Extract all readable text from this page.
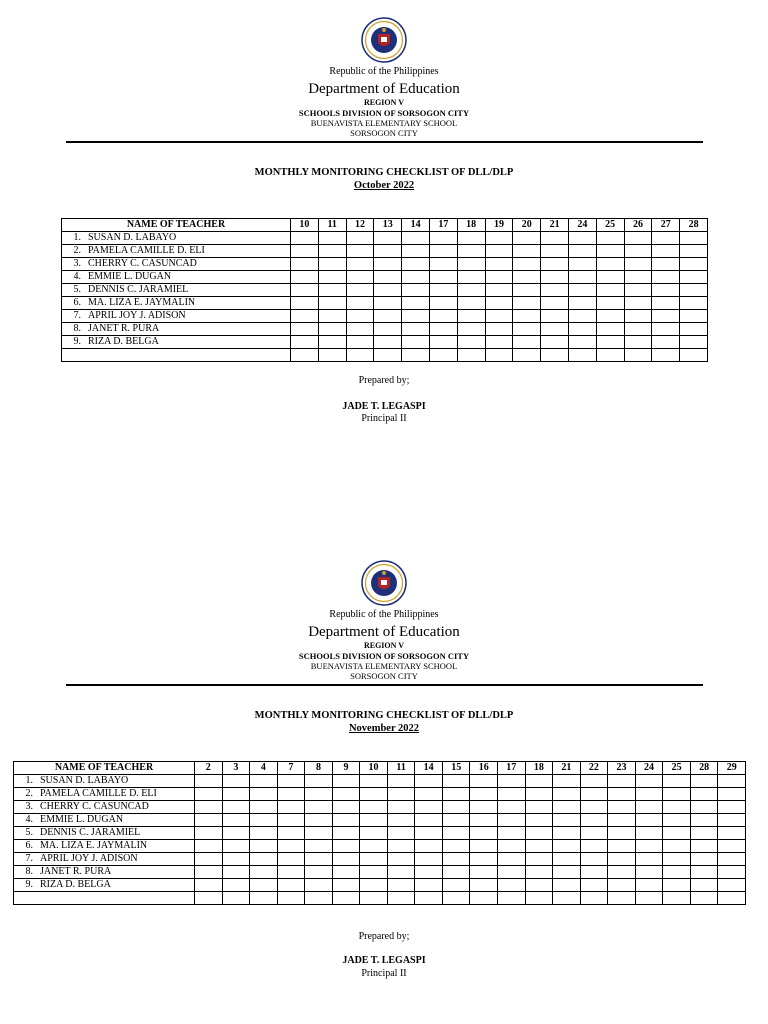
Republic of the Philippines
Department of Education
REGION V
SCHOOLS DIVISION OF SORSOGON CITY
BUENAVISTA ELEMENTARY SCHOOL
SORSOGON CITY
MONTHLY MONITORING CHECKLIST OF DLL/DLP
October 2022
NAME OF TEACHER	10	11	12	13	14	17	18	19	20	21	24	25	26	27	28
1. SUSAN D. LABAYO															
2. PAMELA CAMILLE D. ELI															
3. CHERRY C. CASUNCAD															
4. EMMIE L. DUGAN															
5. DENNIS C. JARAMIEL															
6. MA. LIZA E. JAYMALIN															
7. APRIL JOY J. ADISON															
8. JANET R. PURA															
9. RIZA D. BELGA															

Prepared by;
JADE T. LEGASPI
Principal II
Republic of the Philippines
Department of Education
REGION V
SCHOOLS DIVISION OF SORSOGON CITY
BUENAVISTA ELEMENTARY SCHOOL
SORSOGON CITY
MONTHLY MONITORING CHECKLIST OF DLL/DLP
November 2022
NAME OF TEACHER	2	3	4	7	8	9	10	11	14	15	16	17	18	21	22	23	24	25	28	29
1. SUSAN D. LABAYO																				
2. PAMELA CAMILLE D. ELI																				
3. CHERRY C. CASUNCAD																				
4. EMMIE L. DUGAN																				
5. DENNIS C. JARAMIEL																				
6. MA. LIZA E. JAYMALIN																				
7. APRIL JOY J. ADISON																				
8. JANET R. PURA																				
9. RIZA D. BELGA																				

Prepared by;
JADE T. LEGASPI
Principal II
